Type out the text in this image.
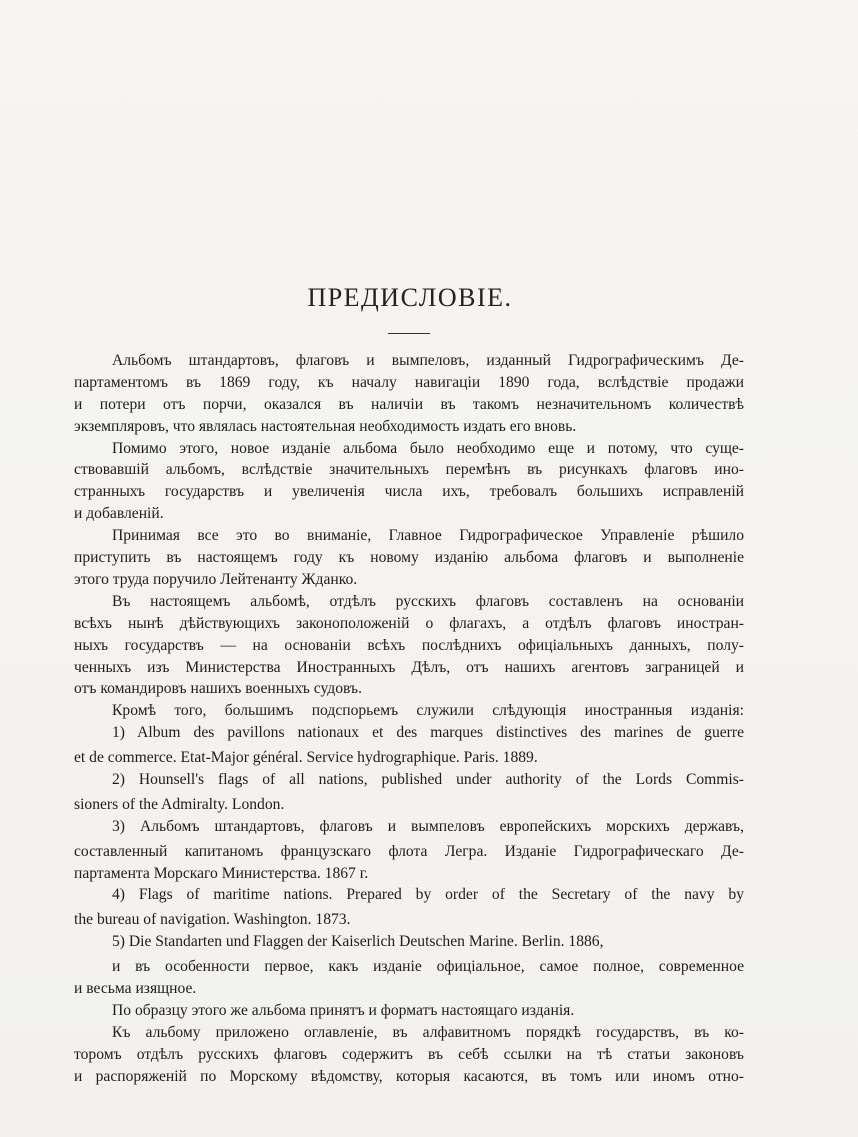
ПРЕДИСЛОВІЕ.
Альбомъ штандартовъ, флаговъ и вымпеловъ, изданный Гидрографическимъ Де-
партаментомъ въ 1869 году, къ началу навигаціи 1890 года, вслѣдствіе продажи
и потери отъ порчи, оказался въ наличіи въ такомъ незначительномъ количествѣ
экземпляровъ, что являлась настоятельная необходимость издать его вновь.
Помимо этого, новое изданіе альбома было необходимо еще и потому, что суще-
ствовавшій альбомъ, вслѣдствіе значительныхъ перемѣнъ въ рисункахъ флаговъ ино-
странныхъ государствъ и увеличенія числа ихъ, требовалъ большихъ исправленій
и добавленій.
Принимая все это во вниманіе, Главное Гидрографическое Управленіе рѣшило
приступить въ настоящемъ году къ новому изданію альбома флаговъ и выполненіе
этого труда поручило Лейтенанту Жданко.
Въ настоящемъ альбомѣ, отдѣлъ русскихъ флаговъ составленъ на основаніи
всѣхъ нынѣ дѣйствующихъ законоположеній о флагахъ, а отдѣлъ флаговъ иностран-
ныхъ государствъ — на основаніи всѣхъ послѣднихъ офиціальныхъ данныхъ, полу-
ченныхъ изъ Министерства Иностранныхъ Дѣлъ, отъ нашихъ агентовъ заграницей и
отъ командировъ нашихъ военныхъ судовъ.
Кромѣ того, большимъ подспорьемъ служили слѣдующія иностранныя изданія:
1) Album des pavillons nationaux et des marques distinctives des marines de guerre
et de commerce. Etat-Major général. Service hydrographique. Paris. 1889.
2) Hounsell's flags of all nations, published under authority of the Lords Commis-
sioners of the Admiralty. London.
3) Альбомъ штандартовъ, флаговъ и вымпеловъ европейскихъ морскихъ державъ,
составленный капитаномъ французскаго флота Легра. Изданіе Гидрографическаго Де-
партамента Морскаго Министерства. 1867 г.
4) Flags of maritime nations. Prepared by order of the Secretary of the navy by
the bureau of navigation. Washington. 1873.
5) Die Standarten und Flaggen der Kaiserlich Deutschen Marine. Berlin. 1886,
и въ особенности первое, какъ изданіе офиціальное, самое полное, современное
и весьма изящное.
По образцу этого же альбома принятъ и форматъ настоящаго изданія.
Къ альбому приложено оглавленіе, въ алфавитномъ порядкѣ государствъ, въ ко-
торомъ отдѣлъ русскихъ флаговъ содержитъ въ себѣ ссылки на тѣ статьи законовъ
и распоряженій по Морскому вѣдомству, которыя касаются, въ томъ или иномъ отно-
